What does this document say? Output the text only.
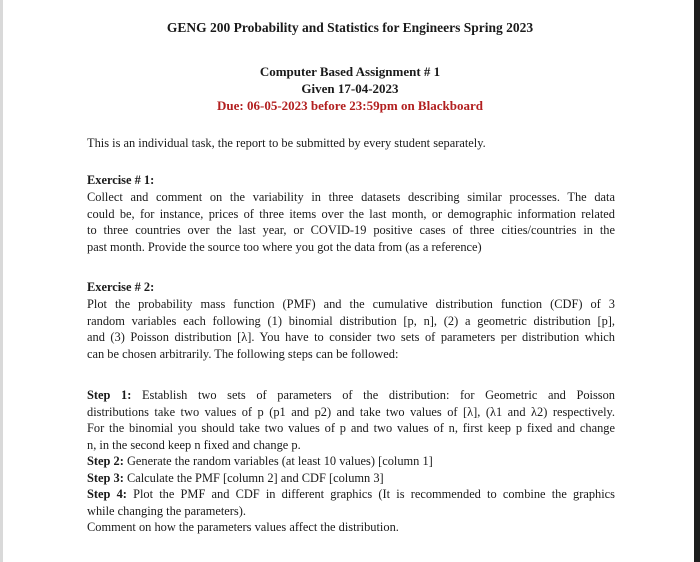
GENG 200 Probability and Statistics for Engineers Spring 2023
Computer Based Assignment # 1
Given 17-04-2023
Due: 06-05-2023 before 23:59pm on Blackboard
This is an individual task, the report to be submitted by every student separately.
Exercise # 1:
Collect and comment on the variability in three datasets describing similar processes. The data
could be, for instance, prices of three items over the last month, or demographic information related
to three countries over the last year, or COVID-19 positive cases of three cities/countries in the
past month. Provide the source too where you got the data from (as a reference)
Exercise # 2:
Plot the probability mass function (PMF) and the cumulative distribution function (CDF) of 3
random variables each following (1) binomial distribution [p, n], (2) a geometric distribution [p],
and (3) Poisson distribution [λ]. You have to consider two sets of parameters per distribution which
can be chosen arbitrarily. The following steps can be followed:
Step 1: Establish two sets of parameters of the distribution: for Geometric and Poisson
distributions take two values of p (p1 and p2) and take two values of [λ], (λ1 and λ2) respectively.
For the binomial you should take two values of p and two values of n, first keep p fixed and change
n, in the second keep n fixed and change p.
Step 2: Generate the random variables (at least 10 values) [column 1]
Step 3: Calculate the PMF [column 2] and CDF [column 3]
Step 4: Plot the PMF and CDF in different graphics (It is recommended to combine the graphics
while changing the parameters).
Comment on how the parameters values affect the distribution.
